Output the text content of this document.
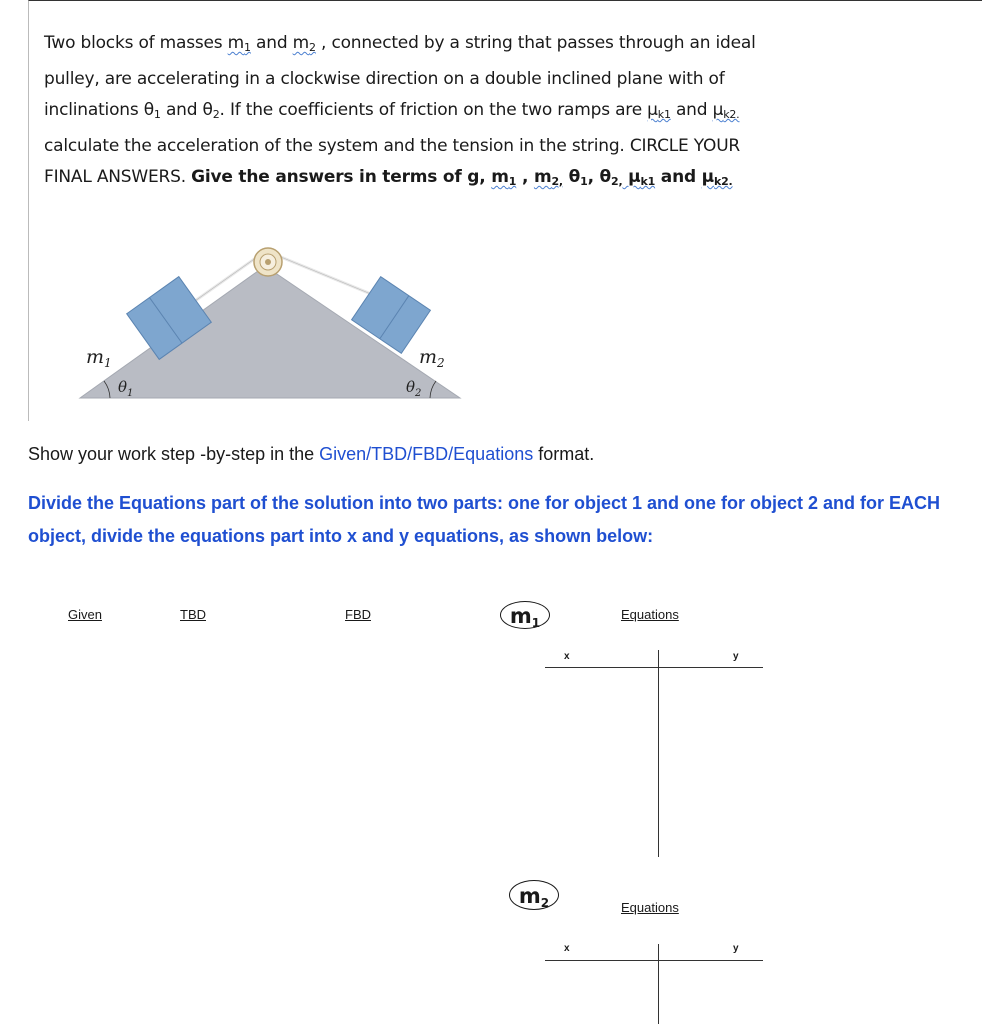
Two blocks of masses $m_1$ and $m_2$ , connected by a string that passes through an ideal
pulley, are accelerating in a clockwise direction on a double inclined plane with of
inclinations $\theta_1$ and $\theta_2$. If the coefficients of friction on the two ramps are $\mu_{k1}$ and $\mu_{k2.}$
calculate the acceleration of the system and the tension in the string. CIRCLE YOUR
FINAL ANSWERS. Give the answers in terms of g, $m_1$ , $m_{2,}$ $\theta_1$, $\theta_{2,}$ $\mu_{k1}$ and $\mu_{k2.}$
$m_1$	$m_2$
$\theta_1$	$\theta_2$

Show your work step -by-step in the Given/TBD/FBD/Equations format.

Divide the Equations part of the solution into two parts: one for object 1 and one for object 2 and for EACH object, divide the equations part into x and y equations, as shown below:

Given	TBD	FBD	$m_1$
Equations
x	y
$m_2$	Equations
x	y
